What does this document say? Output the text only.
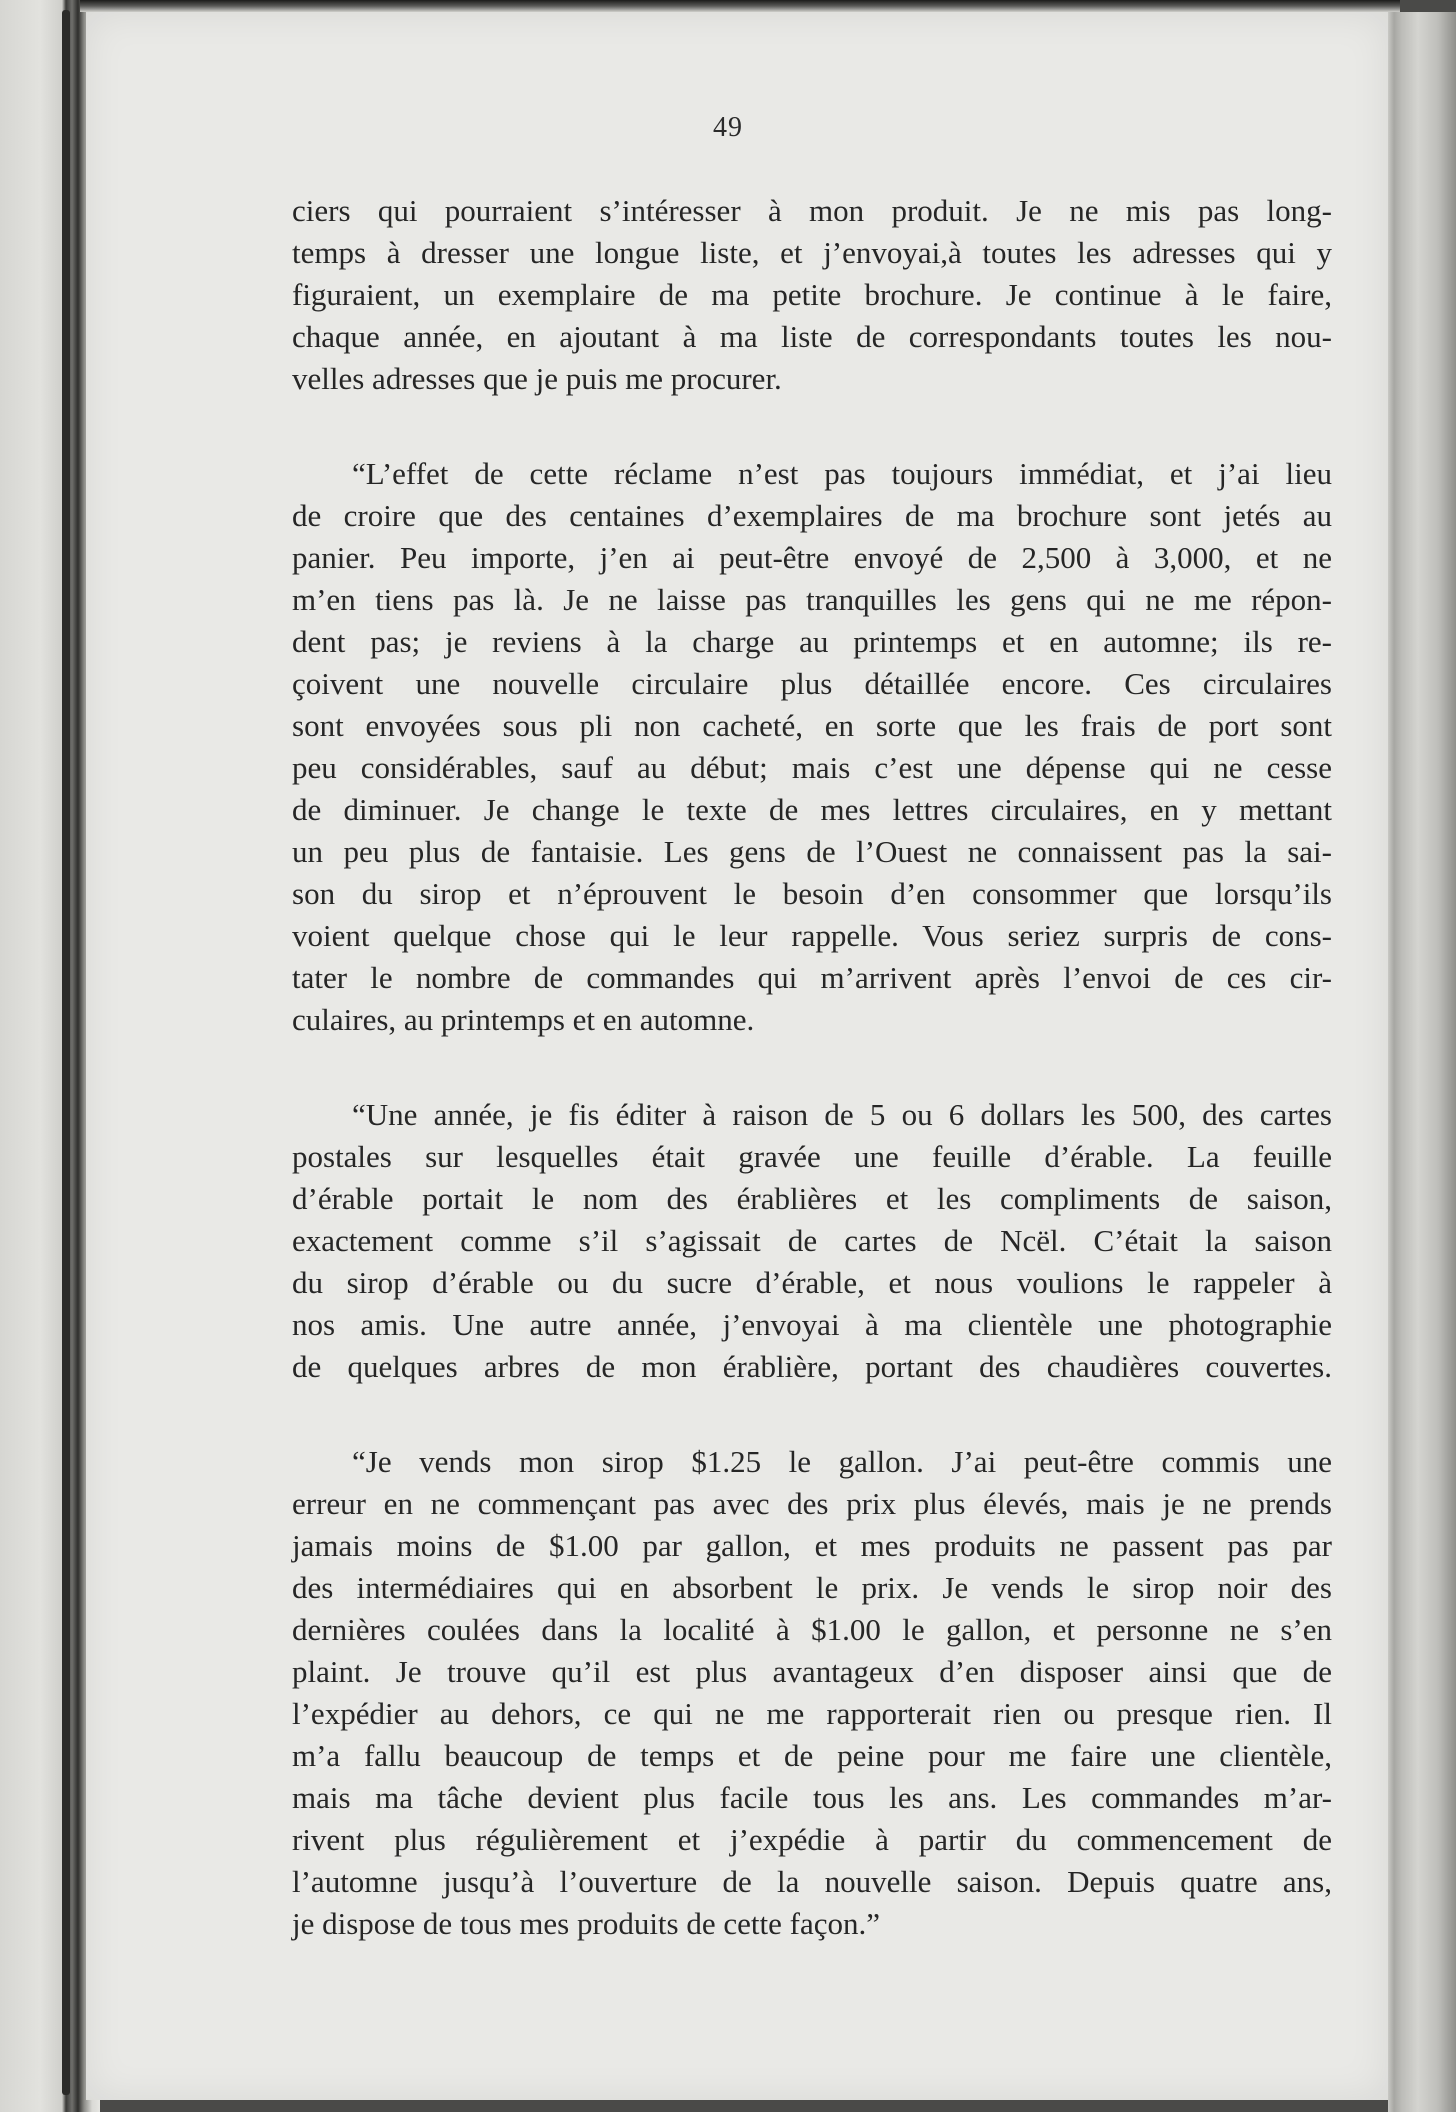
49
ciers qui pourraient s’intéresser à mon produit. Je ne mis pas long-
temps à dresser une longue liste, et j’envoyai,à toutes les adresses qui y
figuraient, un exemplaire de ma petite brochure. Je continue à le faire,
chaque année, en ajoutant à ma liste de correspondants toutes les nou-
velles adresses que je puis me procurer.
“L’effet de cette réclame n’est pas toujours immédiat, et j’ai lieu
de croire que des centaines d’exemplaires de ma brochure sont jetés au
panier. Peu importe, j’en ai peut-être envoyé de 2,500 à 3,000, et ne
m’en tiens pas là. Je ne laisse pas tranquilles les gens qui ne me répon-
dent pas; je reviens à la charge au printemps et en automne; ils re-
çoivent une nouvelle circulaire plus détaillée encore. Ces circulaires
sont envoyées sous pli non cacheté, en sorte que les frais de port sont
peu considérables, sauf au début; mais c’est une dépense qui ne cesse
de diminuer. Je change le texte de mes lettres circulaires, en y mettant
un peu plus de fantaisie. Les gens de l’Ouest ne connaissent pas la sai-
son du sirop et n’éprouvent le besoin d’en consommer que lorsqu’ils
voient quelque chose qui le leur rappelle. Vous seriez surpris de cons-
tater le nombre de commandes qui m’arrivent après l’envoi de ces cir-
culaires, au printemps et en automne.
“Une année, je fis éditer à raison de 5 ou 6 dollars les 500, des cartes
postales sur lesquelles était gravée une feuille d’érable. La feuille
d’érable portait le nom des érablières et les compliments de saison,
exactement comme s’il s’agissait de cartes de Ncël. C’était la saison
du sirop d’érable ou du sucre d’érable, et nous voulions le rappeler à
nos amis. Une autre année, j’envoyai à ma clientèle une photographie
de quelques arbres de mon érablière, portant des chaudières couvertes.
“Je vends mon sirop $1.25 le gallon. J’ai peut-être commis une
erreur en ne commençant pas avec des prix plus élevés, mais je ne prends
jamais moins de $1.00 par gallon, et mes produits ne passent pas par
des intermédiaires qui en absorbent le prix. Je vends le sirop noir des
dernières coulées dans la localité à $1.00 le gallon, et personne ne s’en
plaint. Je trouve qu’il est plus avantageux d’en disposer ainsi que de
l’expédier au dehors, ce qui ne me rapporterait rien ou presque rien. Il
m’a fallu beaucoup de temps et de peine pour me faire une clientèle,
mais ma tâche devient plus facile tous les ans. Les commandes m’ar-
rivent plus régulièrement et j’expédie à partir du commencement de
l’automne jusqu’à l’ouverture de la nouvelle saison. Depuis quatre ans,
je dispose de tous mes produits de cette façon.”
